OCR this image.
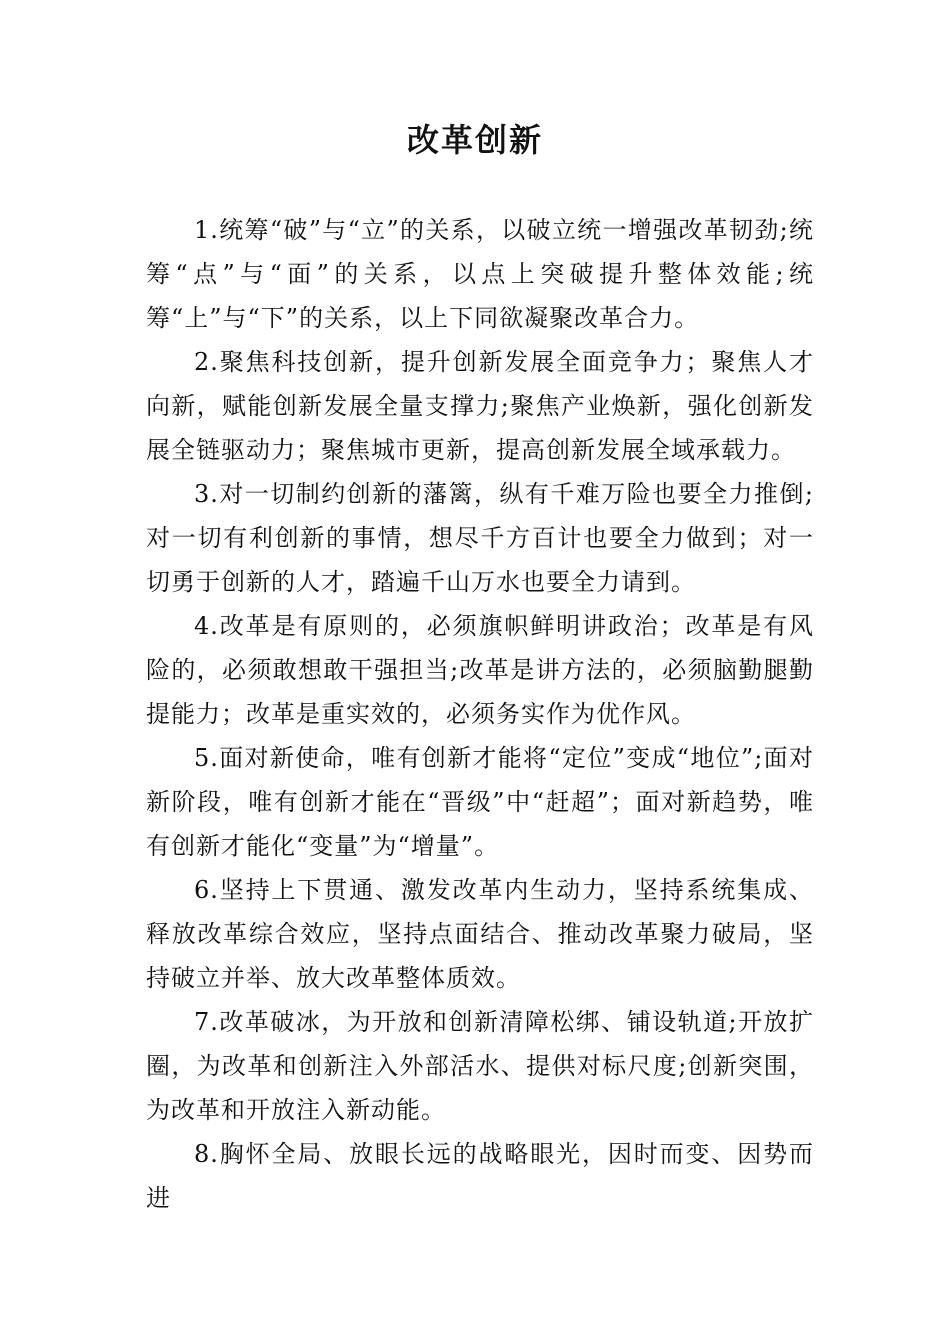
改革创新

1.统筹“破”与“立”的关系，以破立统一增强改革韧劲;统筹“点”与“面”的关系，以点上突破提升整体效能;统筹“上”与“下”的关系，以上下同欲凝聚改革合力。

2.聚焦科技创新，提升创新发展全面竞争力；聚焦人才向新，赋能创新发展全量支撑力;聚焦产业焕新，强化创新发展全链驱动力；聚焦城市更新，提高创新发展全域承载力。

3.对一切制约创新的藩篱，纵有千难万险也要全力推倒;对一切有利创新的事情，想尽千方百计也要全力做到；对一切勇于创新的人才，踏遍千山万水也要全力请到。

4.改革是有原则的，必须旗帜鲜明讲政治；改革是有风险的，必须敢想敢干强担当;改革是讲方法的，必须脑勤腿勤提能力；改革是重实效的，必须务实作为优作风。

5.面对新使命，唯有创新才能将“定位”变成“地位”;面对新阶段，唯有创新才能在“晋级”中“赶超”；面对新趋势，唯有创新才能化“变量”为“增量”。

6.坚持上下贯通、激发改革内生动力，坚持系统集成、释放改革综合效应，坚持点面结合、推动改革聚力破局，坚持破立并举、放大改革整体质效。

7.改革破冰，为开放和创新清障松绑、铺设轨道;开放扩圈，为改革和创新注入外部活水、提供对标尺度;创新突围，为改革和开放注入新动能。

8.胸怀全局、放眼长远的战略眼光，因时而变、因势而进
